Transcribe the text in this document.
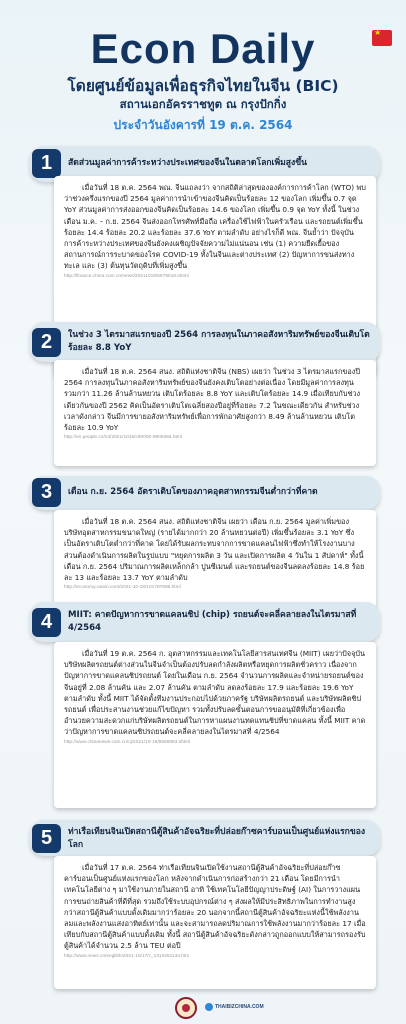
Econ Daily	★
โดยศูนย์ข้อมูลเพื่อธุรกิจไทยในจีน (BIC)
สถานเอกอัครราชทูต ณ กรุงปักกิ่ง
ประจำวันอังคารที่ 19 ต.ค. 2564
1	สัดส่วนมูลค่าการค้าระหว่างประเทศของจีนในตลาดโลกเพิ่มสูงขึ้น

เมื่อวันที่ 18 ต.ค. 2564 พณ. จีนแถลงว่า จากสถิติล่าสุดขององค์การการค้าโลก (WTO) พบว่าช่วงครึ่งแรกของปี 2564 มูลค่าการนำเข้าของจีนคิดเป็นร้อยละ 12 ของโลก เพิ่มขึ้น 0.7 จุด YoY ส่วนมูลค่าการส่งออกของจีนคิดเป็นร้อยละ 14.6 ของโลก เพิ่มขึ้น 0.9 จุด YoY ทั้งนี้ ในช่วงเดือน ม.ค. – ก.ย. 2564 จีนส่งออกโทรศัพท์มือถือ เครื่องใช้ไฟฟ้าในครัวเรือน และรถยนต์เพิ่มขึ้นร้อยละ 14.4 ร้อยละ 20.2 และร้อยละ 37.6 YoY ตามลำดับ อย่างไรก็ดี พณ. จีนย้ำว่า ปัจจุบันการค้าระหว่างประเทศของจีนยังคงเผชิญปัจจัยความไม่แน่นอน เช่น (1) ความยืดเยื้อของสถานการณ์การระบาดของโรค COVID-19 ทั้งในจีนและต่างประเทศ (2) ปัญหาการขนส่งทางทะเล และ (3) ต้นทุนวัตถุดิบที่เพิ่มสูงขึ้น

http://finance.china.com.cn/news/20211019/5679018.shtml
2	ในช่วง 3 ไตรมาสแรกของปี 2564 การลงทุนในภาคอสังหาริมทรัพย์ของจีนเติบโตร้อยละ 8.8 YoY

เมื่อวันที่ 18 ต.ค. 2564 สนง. สถิติแห่งชาติจีน (NBS) เผยว่า ในช่วง 3 ไตรมาสแรกของปี 2564 การลงทุนในภาคอสังหาริมทรัพย์ของจีนยังคงเติบโตอย่างต่อเนื่อง โดยมีมูลค่าการลงทุนรวมกว่า 11.26 ล้านล้านหยวน เติบโตร้อยละ 8.8 YoY และเติบโตร้อยละ 14.9 เมื่อเทียบกับช่วงเดียวกันของปี 2562 คิดเป็นอัตราเติบโตเฉลี่ยสองปีอยู่ที่ร้อยละ 7.2 ในขณะเดียวกัน สำหรับช่วงเวลาดังกล่าว จีนมีการขายอสังหาริมทรัพย์เพื่อการพักอาศัยสูงกว่า 8.49 ล้านล้านหยวน เติบโตร้อยละ 10.9 YoY

http://en.people.cn/n3/2021/1018/c90000-9908366.html
3	เดือน ก.ย. 2564 อัตราเติบโตของภาคอุตสาหกรรมจีนต่ำกว่าที่คาด

เมื่อวันที่ 18 ต.ค. 2564 สนง. สถิติแห่งชาติจีน เผยว่า เดือน ก.ย. 2564 มูลค่าเพิ่มของบริษัทอุตสาหกรรมขนาดใหญ่ (รายได้มากกว่า 20 ล้านหยวนต่อปี) เพิ่มขึ้นร้อยละ 3.1 YoY ซึ่งเป็นอัตราเติบโตต่ำกว่าที่คาด โดยได้รับผลกระทบจากการขาดแคลนไฟฟ้าซึ่งทำให้โรงงานบางส่วนต้องดำเนินการผลิตในรูปแบบ "หยุดการผลิต 3 วัน และเปิดการผลิต 4 วันใน 1 สัปดาห์" ทั้งนี้ เดือน ก.ย. 2564 ปริมาณการผลิตเหล็กกล้า ปูนซีเมนต์ และรถยนต์ของจีนลดลงร้อยละ 14.8 ร้อยละ 13 และร้อยละ 13.7 YoY ตามลำดับ

http://economy.caixin.com/2021-10-18/101787896.html
4	MIIT: คาดปัญหาการขาดแคลนชิป (chip) รถยนต์จะคลี่คลายลงในไตรมาสที่ 4/2564

เมื่อวันที่ 19 ต.ค. 2564 ก. อุตสาหกรรมและเทคโนโลยีสารสนเทศจีน (MIIT) เผยว่าปัจจุบันบริษัทผลิตรถยนต์ต่างส่วนในจีนจำเป็นต้องปรับลดกำลังผลิตหรือหยุดการผลิตชั่วคราว เนื่องจากปัญหาการขาดแคลนชิปรถยนต์ โดยในเดือน ก.ย. 2564 จำนวนการผลิตและจำหน่ายรถยนต์ของจีนอยู่ที่ 2.08 ล้านคัน และ 2.07 ล้านคัน ตามลำดับ ลดลงร้อยละ 17.9 และร้อยละ 19.6 YoY ตามลำดับ ทั้งนี้ MIIT ได้จัดตั้งทีมงานประกอบไปด้วยภาครัฐ บริษัทผลิตรถยนต์ และบริษัทผลิตชิปรถยนต์ เพื่อประสานงานช่วยแก้ไขปัญหา รวมทั้งปรับลดขั้นตอนการขออนุมัติที่เกี่ยวข้องเพื่ออำนวยความสะดวกแก่บริษัทผลิตรถยนต์ในการหาแผนงานทดแทนชิปที่ขาดแคลน ทั้งนี้ MIIT คาดว่าปัญหาการขาดแคลนชิปรถยนต์จะคลี่คลายลงในไตรมาสที่ 4/2564

http://www.chinanews.com.cn/cj/2021/10-19/9589883.shtml
5	ท่าเรือเทียนจินเปิดสถานีตู้สินค้าอัจฉริยะที่ปล่อยก๊าซคาร์บอนเป็นศูนย์แห่งแรกของโลก

เมื่อวันที่ 17 ต.ค. 2564 ท่าเรือเทียนจินเปิดใช้งานสถานีตู้สินค้าอัจฉริยะที่ปล่อยก๊าซคาร์บอนเป็นศูนย์แห่งแรกของโลก หลังจากดำเนินการก่อสร้างกว่า 21 เดือน โดยมีการนำเทคโนโลยีต่าง ๆ มาใช้งานภายในสถานี อาทิ ใช้เทคโนโลยีปัญญาประดิษฐ์ (AI) ในการวางแผนการขนถ่ายสินค้าที่ดีที่สุด รวมถึงใช้ระบบอุปกรณ์ต่าง ๆ ส่งผลให้มีประสิทธิภาพในการทำงานสูงกว่าสถานีตู้สินค้าแบบดั้งเดิมมากว่าร้อยละ 20 นอกจากนี้สถานีตู้สินค้าอัจฉริยะแห่งนี้ใช้พลังงานลมและพลังงานแสงอาทิตย์เท่านั้น และจะสามารถลดปริมาณการใช้พลังงานมากว่าร้อยละ 17 เมื่อเทียบกับสถานีตู้สินค้าแบบดั้งเดิม ทั้งนี้ สถานีตู้สินค้าอัจฉริยะดังกล่าวถูกออกแบบให้สามารถรองรับตู้สินค้าได้จำนวน 2.5 ล้าน TEU ต่อปี

http://www.news.cn/english/2021-10/17/c_1310251134.htm
THAIBIZCHINA.COM
